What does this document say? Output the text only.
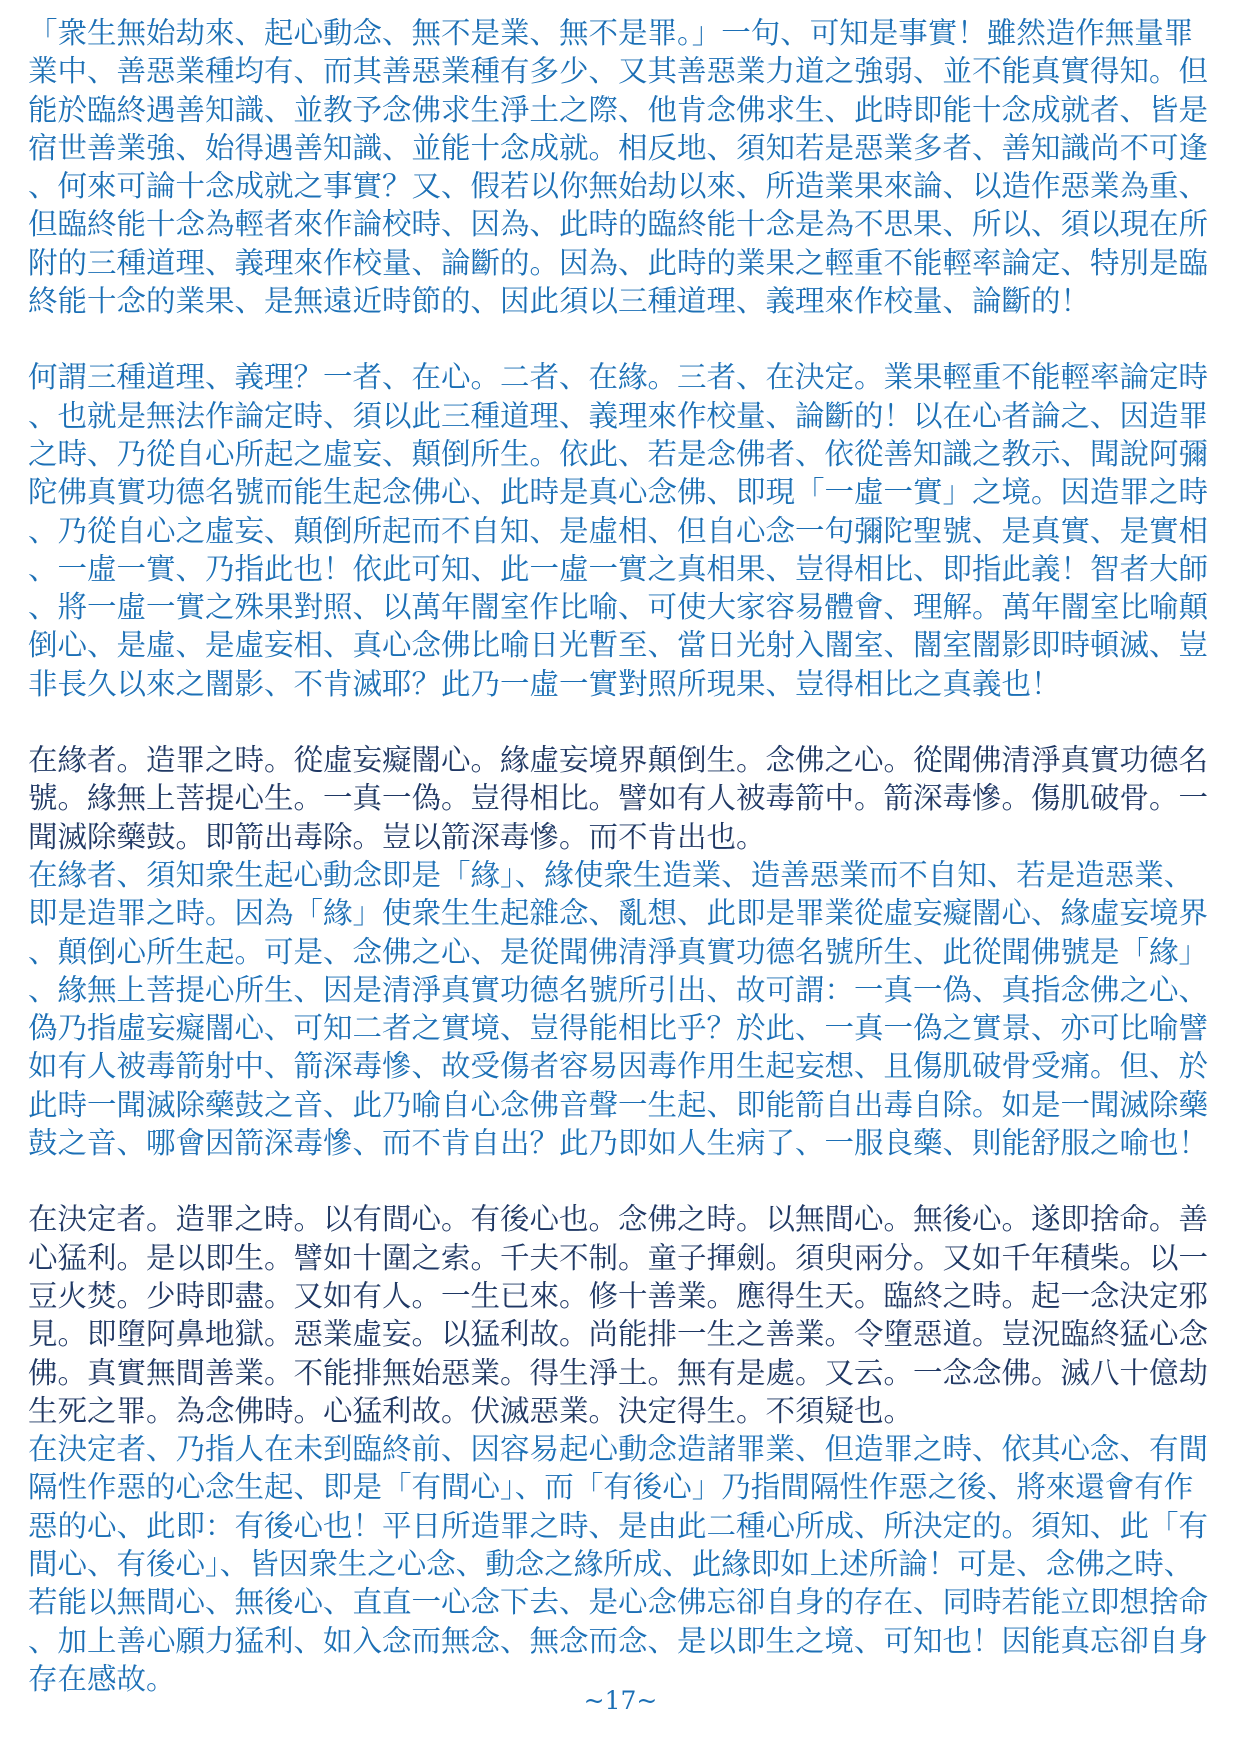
「衆生無始劫來、起心動念、無不是業、無不是罪。」一句、可知是事實！雖然造作無量罪業中、善惡業種均有、而其善惡業種有多少、又其善惡業力道之強弱、並不能真實得知。但能於臨終遇善知識、並教予念佛求生淨土之際、他肯念佛求生、此時即能十念成就者、皆是宿世善業強、始得遇善知識、並能十念成就。相反地、須知若是惡業多者、善知識尚不可逢、何來可論十念成就之事實？又、假若以你無始劫以來、所造業果來論、以造作惡業為重、但臨終能十念為輕者來作論校時、因為、此時的臨終能十念是為不思果、所以、須以現在所附的三種道理、義理來作校量、論斷的。因為、此時的業果之輕重不能輕率論定、特別是臨終能十念的業果、是無遠近時節的、因此須以三種道理、義理來作校量、論斷的！

何謂三種道理、義理？一者、在心。二者、在緣。三者、在決定。業果輕重不能輕率論定時、也就是無法作論定時、須以此三種道理、義理來作校量、論斷的！以在心者論之、因造罪之時、乃從自心所起之虛妄、顛倒所生。依此、若是念佛者、依從善知識之教示、聞說阿彌陀佛真實功德名號而能生起念佛心、此時是真心念佛、即現「一虛一實」之境。因造罪之時、乃從自心之虛妄、顛倒所起而不自知、是虛相、但自心念一句彌陀聖號、是真實、是實相、一虛一實、乃指此也！依此可知、此一虛一實之真相果、豈得相比、即指此義！智者大師、將一虛一實之殊果對照、以萬年闇室作比喻、可使大家容易體會、理解。萬年闇室比喻顛倒心、是虛、是虛妄相、真心念佛比喻日光暫至、當日光射入闇室、闇室闇影即時頓滅、豈非長久以來之闇影、不肯滅耶？此乃一虛一實對照所現果、豈得相比之真義也！

在緣者。造罪之時。從虛妄癡闇心。緣虛妄境界顛倒生。念佛之心。從聞佛清淨真實功德名號。緣無上菩提心生。一真一偽。豈得相比。譬如有人被毒箭中。箭深毒慘。傷肌破骨。一聞滅除藥鼓。即箭出毒除。豈以箭深毒慘。而不肯出也。

在緣者、須知衆生起心動念即是「緣」、緣使衆生造業、造善惡業而不自知、若是造惡業、即是造罪之時。因為「緣」使衆生生起雜念、亂想、此即是罪業從虛妄癡闇心、緣虛妄境界、顛倒心所生起。可是、念佛之心、是從聞佛清淨真實功德名號所生、此從聞佛號是「緣」、緣無上菩提心所生、因是清淨真實功德名號所引出、故可謂：一真一偽、真指念佛之心、偽乃指虛妄癡闇心、可知二者之實境、豈得能相比乎？於此、一真一偽之實景、亦可比喻譬如有人被毒箭射中、箭深毒慘、故受傷者容易因毒作用生起妄想、且傷肌破骨受痛。但、於此時一聞滅除藥鼓之音、此乃喻自心念佛音聲一生起、即能箭自出毒自除。如是一聞滅除藥鼓之音、哪會因箭深毒慘、而不肯自出？此乃即如人生病了、一服良藥、則能舒服之喻也！

在決定者。造罪之時。以有間心。有後心也。念佛之時。以無間心。無後心。遂即捨命。善心猛利。是以即生。譬如十圍之索。千夫不制。童子揮劍。須臾兩分。又如千年積柴。以一豆火焚。少時即盡。又如有人。一生已來。修十善業。應得生天。臨終之時。起一念決定邪見。即墮阿鼻地獄。惡業虛妄。以猛利故。尚能排一生之善業。令墮惡道。豈況臨終猛心念佛。真實無間善業。不能排無始惡業。得生淨土。無有是處。又云。一念念佛。滅八十億劫生死之罪。為念佛時。心猛利故。伏滅惡業。決定得生。不須疑也。

在決定者、乃指人在未到臨終前、因容易起心動念造諸罪業、但造罪之時、依其心念、有間隔性作惡的心念生起、即是「有間心」、而「有後心」乃指間隔性作惡之後、將來還會有作惡的心、此即：有後心也！平日所造罪之時、是由此二種心所成、所決定的。須知、此「有間心、有後心」、皆因衆生之心念、動念之緣所成、此緣即如上述所論！可是、念佛之時、若能以無間心、無後心、直直一心念下去、是心念佛忘卻自身的存在、同時若能立即想捨命、加上善心願力猛利、如入念而無念、無念而念、是以即生之境、可知也！因能真忘卻自身存在感故。

~17~
